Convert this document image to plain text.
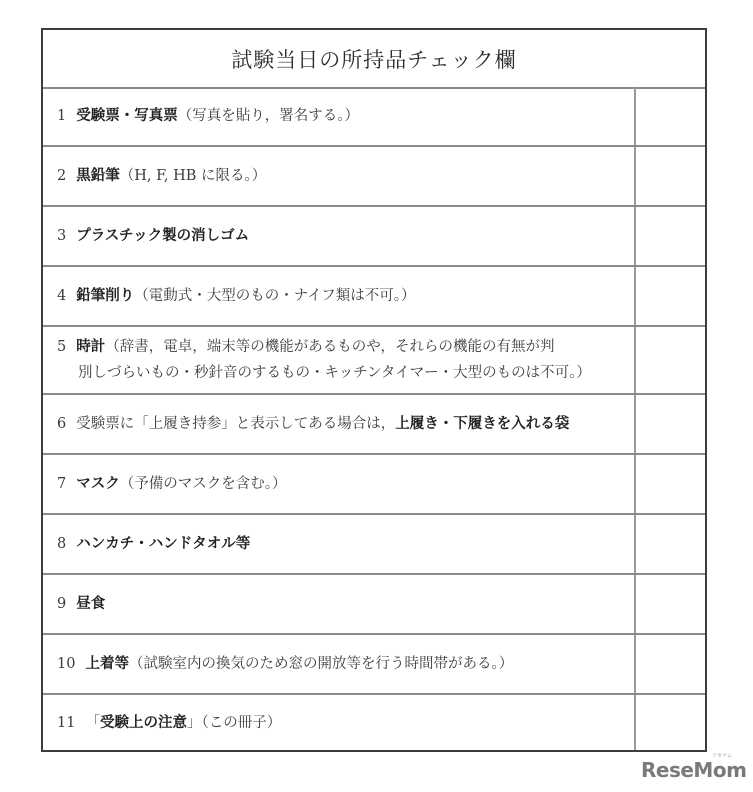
試験当日の所持品チェック欄
1 受験票・写真票（写真を貼り，署名する。）
2 黒鉛筆（H, F, HB に限る。）
3 プラスチック製の消しゴム
4 鉛筆削り（電動式・大型のもの・ナイフ類は不可。）
5 時計（辞書，電卓，端末等の機能があるものや，それらの機能の有無が判
別しづらいもの・秒針音のするもの・キッチンタイマー・大型のものは不可。）
6 受験票に「上履き持参」と表示してある場合は，上履き・下履きを入れる袋
7 マスク（予備のマスクを含む。）
8 ハンカチ・ハンドタオル等
9 昼食
10 上着等（試験室内の換気のため窓の開放等を行う時間帯がある。）
11 「受験上の注意」（この冊子）
リセマム
ReseMom
